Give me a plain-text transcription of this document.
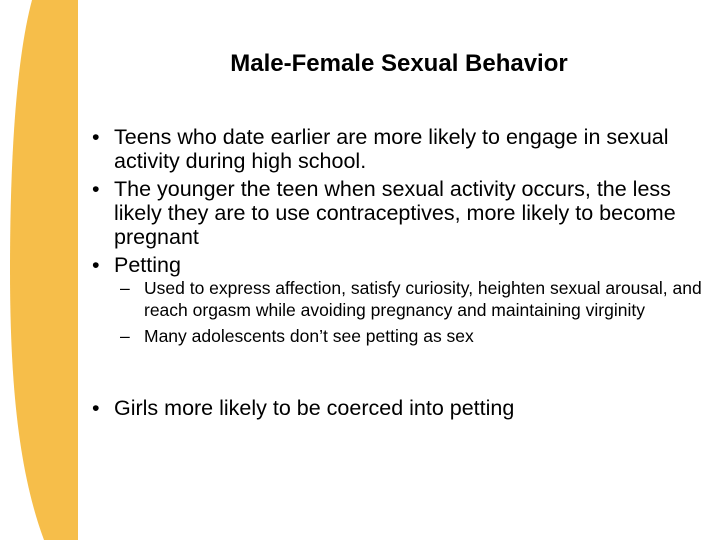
Male-Female Sexual Behavior
• Teens who date earlier are more likely to engage in sexual activity during high school.
• The younger the teen when sexual activity occurs, the less likely they are to use contraceptives, more likely to become pregnant
• Petting
– Used to express affection, satisfy curiosity, heighten sexual arousal, and reach orgasm while avoiding pregnancy and maintaining virginity
– Many adolescents don’t see petting as sex
• Girls more likely to be coerced into petting
